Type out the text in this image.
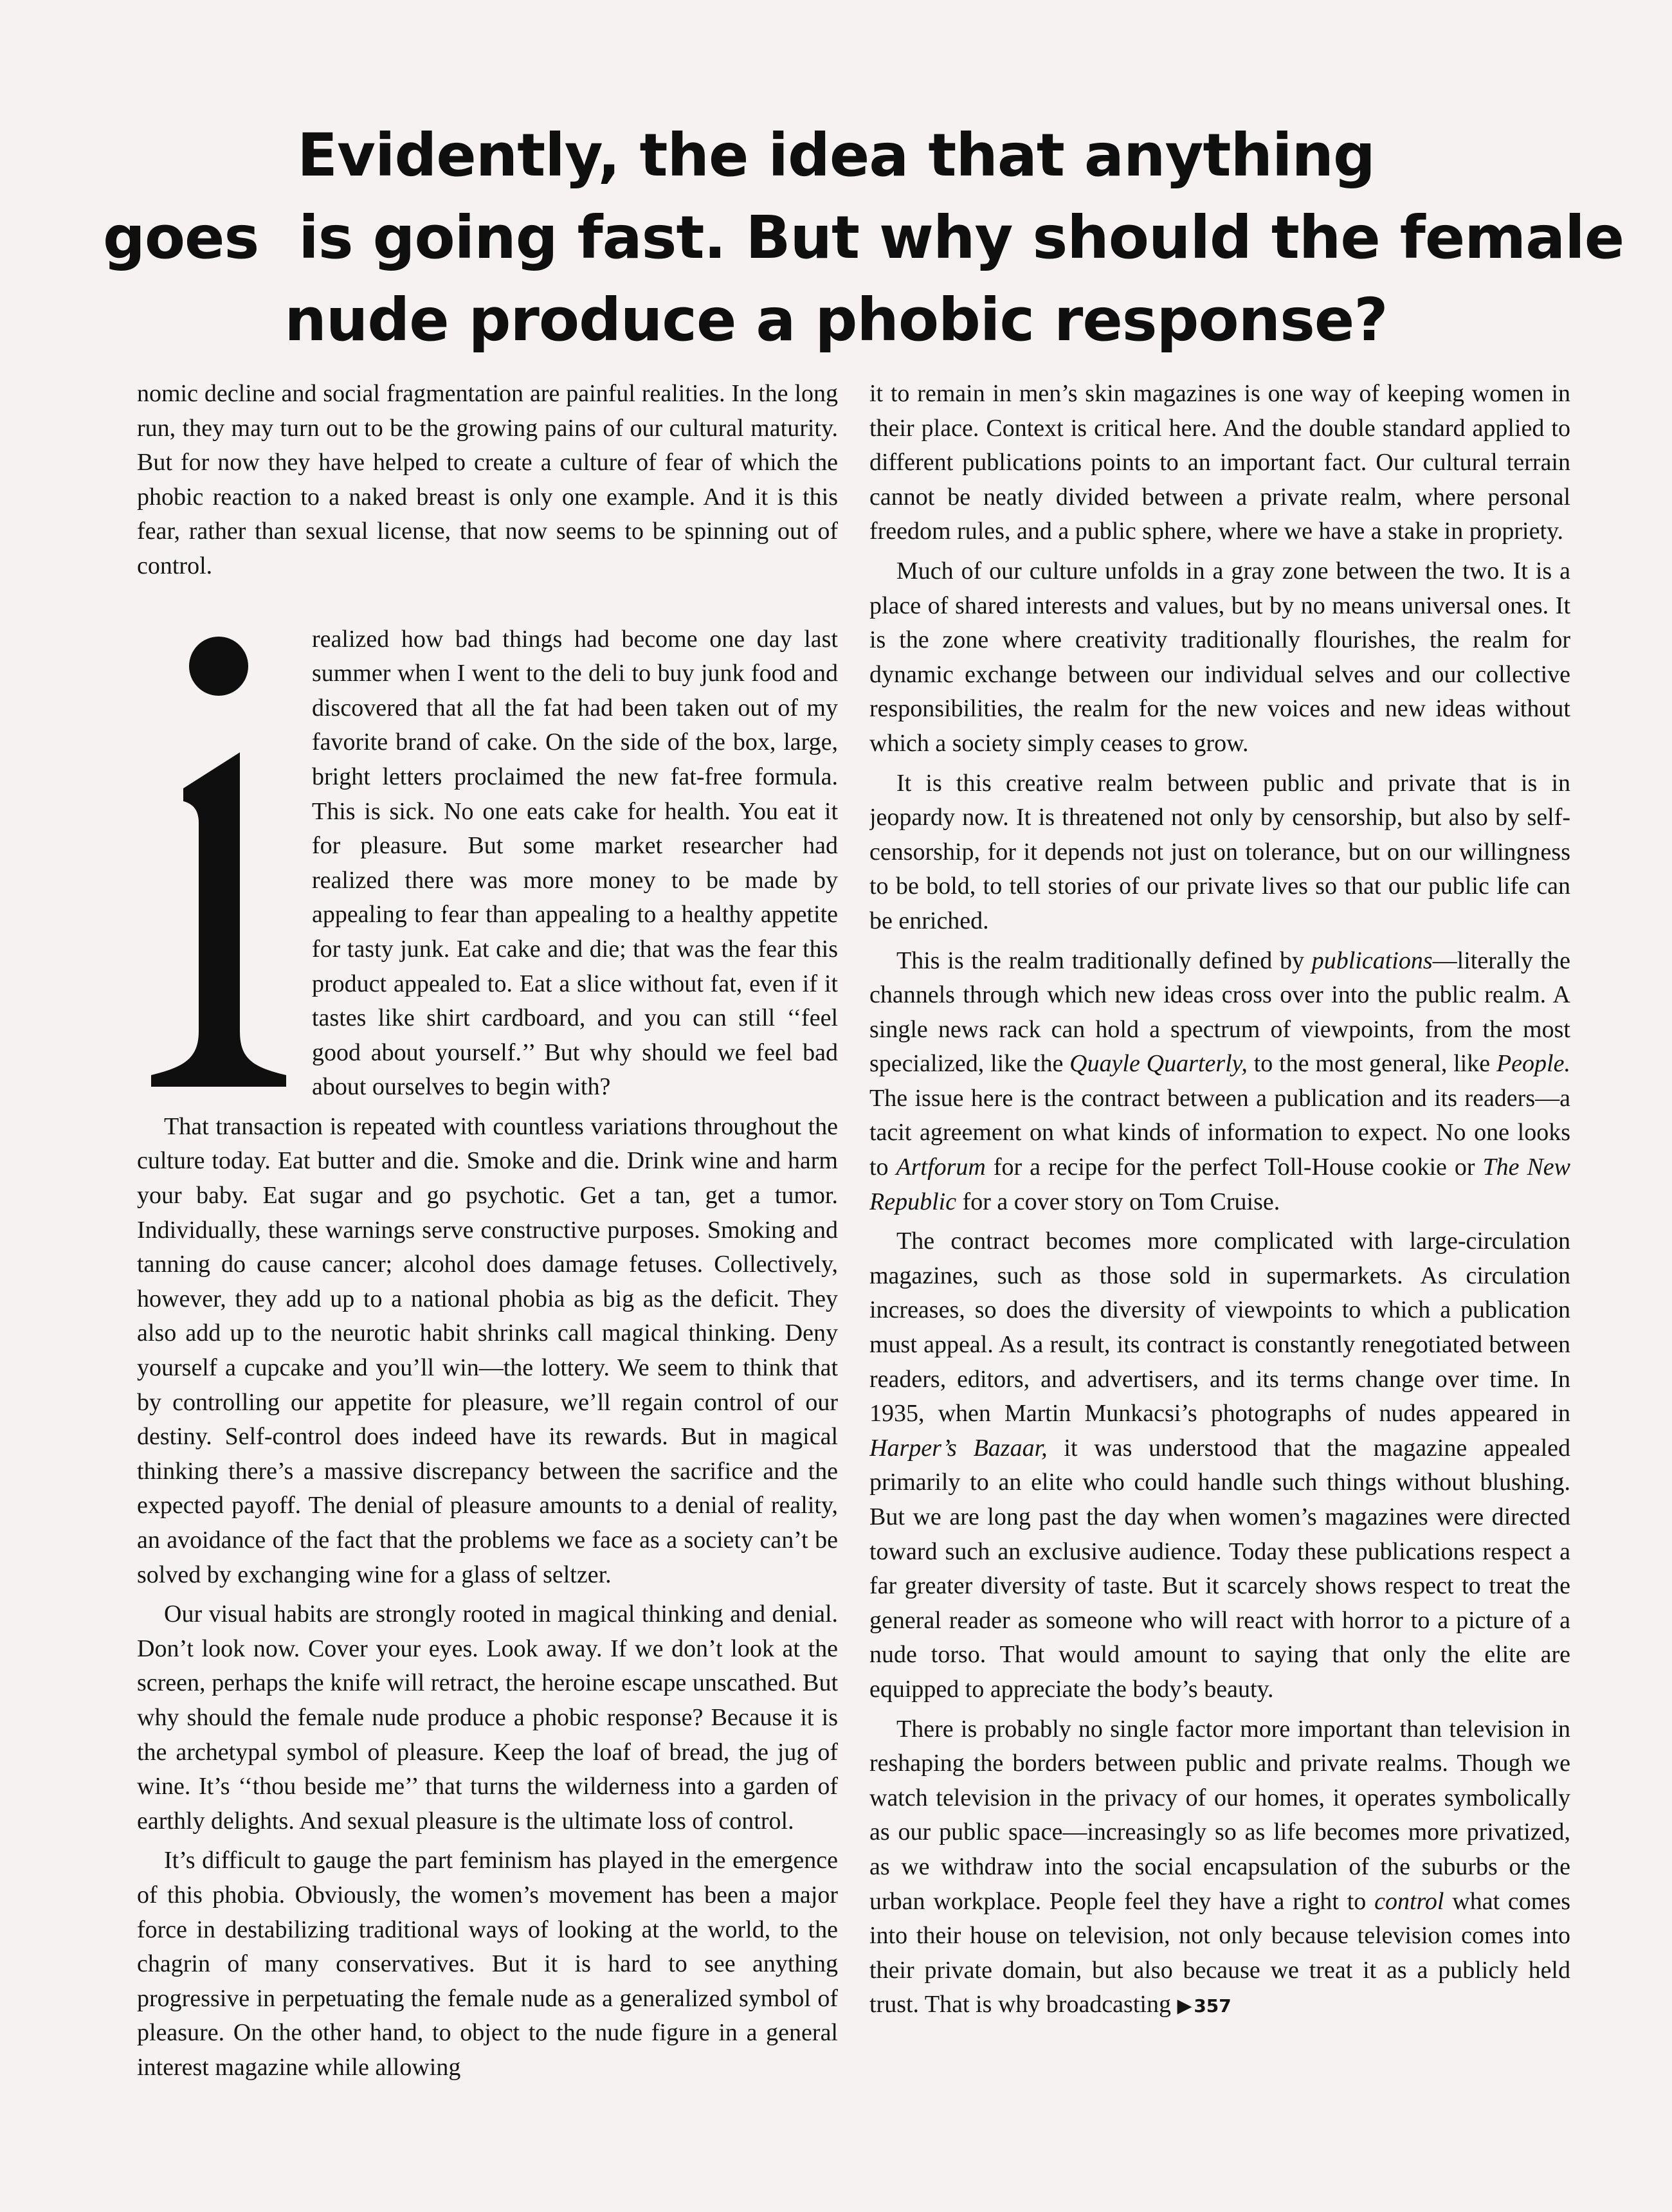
Evidently, the idea that anything
goes  is going fast. But why should the female
nude produce a phobic response?

nomic decline and social fragmentation are painful realities. In the long run, they may turn out to be the growing pains of our cultural maturity. But for now they have helped to create a culture of fear of which the phobic reaction to a naked breast is only one example. And it is this fear, rather than sexual license, that now seems to be spinning out of control.

realized how bad things had become one day last summer when I went to the deli to buy junk food and discovered that all the fat had been taken out of my favorite brand of cake. On the side of the box, large, bright letters proclaimed the new fat-free formula. This is sick. No one eats cake for health. You eat it for pleasure. But some market researcher had realized there was more money to be made by appealing to fear than appealing to a healthy appetite for tasty junk. Eat cake and die; that was the fear this product appealed to. Eat a slice without fat, even if it tastes like shirt cardboard, and you can still ‘‘feel good about yourself.’’ But why should we feel bad about ourselves to begin with?

That transaction is repeated with countless variations throughout the culture today. Eat butter and die. Smoke and die. Drink wine and harm your baby. Eat sugar and go psychotic. Get a tan, get a tumor. Individually, these warnings serve constructive purposes. Smoking and tanning do cause cancer; alcohol does damage fetuses. Collectively, however, they add up to a national phobia as big as the deficit. They also add up to the neurotic habit shrinks call magical thinking. Deny yourself a cupcake and you’ll win—the lottery. We seem to think that by controlling our appetite for pleasure, we’ll regain control of our destiny. Self-control does indeed have its rewards. But in magical thinking there’s a massive discrepancy between the sacrifice and the expected payoff. The denial of pleasure amounts to a denial of reality, an avoidance of the fact that the problems we face as a society can’t be solved by exchanging wine for a glass of seltzer.

Our visual habits are strongly rooted in magical thinking and denial. Don’t look now. Cover your eyes. Look away. If we don’t look at the screen, perhaps the knife will retract, the heroine escape unscathed. But why should the female nude produce a phobic response? Because it is the archetypal symbol of pleasure. Keep the loaf of bread, the jug of wine. It’s ‘‘thou beside me’’ that turns the wilderness into a garden of earthly delights. And sexual pleasure is the ultimate loss of control.

It’s difficult to gauge the part feminism has played in the emergence of this phobia. Obviously, the women’s movement has been a major force in destabilizing traditional ways of looking at the world, to the chagrin of many conservatives. But it is hard to see anything progressive in perpetuating the female nude as a generalized symbol of pleasure. On the other hand, to object to the nude figure in a general interest magazine while allowing

it to remain in men’s skin magazines is one way of keeping women in their place. Context is critical here. And the double standard applied to different publications points to an important fact. Our cultural terrain cannot be neatly divided between a private realm, where personal freedom rules, and a public sphere, where we have a stake in propriety.

Much of our culture unfolds in a gray zone between the two. It is a place of shared interests and values, but by no means universal ones. It is the zone where creativity traditionally flourishes, the realm for dynamic exchange between our individual selves and our collective responsibilities, the realm for the new voices and new ideas without which a society simply ceases to grow.

It is this creative realm between public and private that is in jeopardy now. It is threatened not only by censorship, but also by self-censorship, for it depends not just on tolerance, but on our willingness to be bold, to tell stories of our private lives so that our public life can be enriched.

This is the realm traditionally defined by publications—literally the channels through which new ideas cross over into the public realm. A single news rack can hold a spectrum of viewpoints, from the most specialized, like the Quayle Quarterly, to the most general, like People. The issue here is the contract between a publication and its readers—a tacit agreement on what kinds of information to expect. No one looks to Artforum for a recipe for the perfect Toll-House cookie or The New Republic for a cover story on Tom Cruise.

The contract becomes more complicated with large-circulation magazines, such as those sold in supermarkets. As circulation increases, so does the diversity of viewpoints to which a publication must appeal. As a result, its contract is constantly renegotiated between readers, editors, and advertisers, and its terms change over time. In 1935, when Martin Munkacsi’s photographs of nudes appeared in Harper’s Bazaar, it was understood that the magazine appealed primarily to an elite who could handle such things without blushing. But we are long past the day when women’s magazines were directed toward such an exclusive audience. Today these publications respect a far greater diversity of taste. But it scarcely shows respect to treat the general reader as someone who will react with horror to a picture of a nude torso. That would amount to saying that only the elite are equipped to appreciate the body’s beauty.

There is probably no single factor more important than television in reshaping the borders between public and private realms. Though we watch television in the privacy of our homes, it operates symbolically as our public space—increasingly so as life becomes more privatized, as we withdraw into the social encapsulation of the suburbs or the urban workplace. People feel they have a right to control what comes into their house on television, not only because television comes into their private domain, but also because we treat it as a publicly held trust. That is why broadcasting ▶ 357
